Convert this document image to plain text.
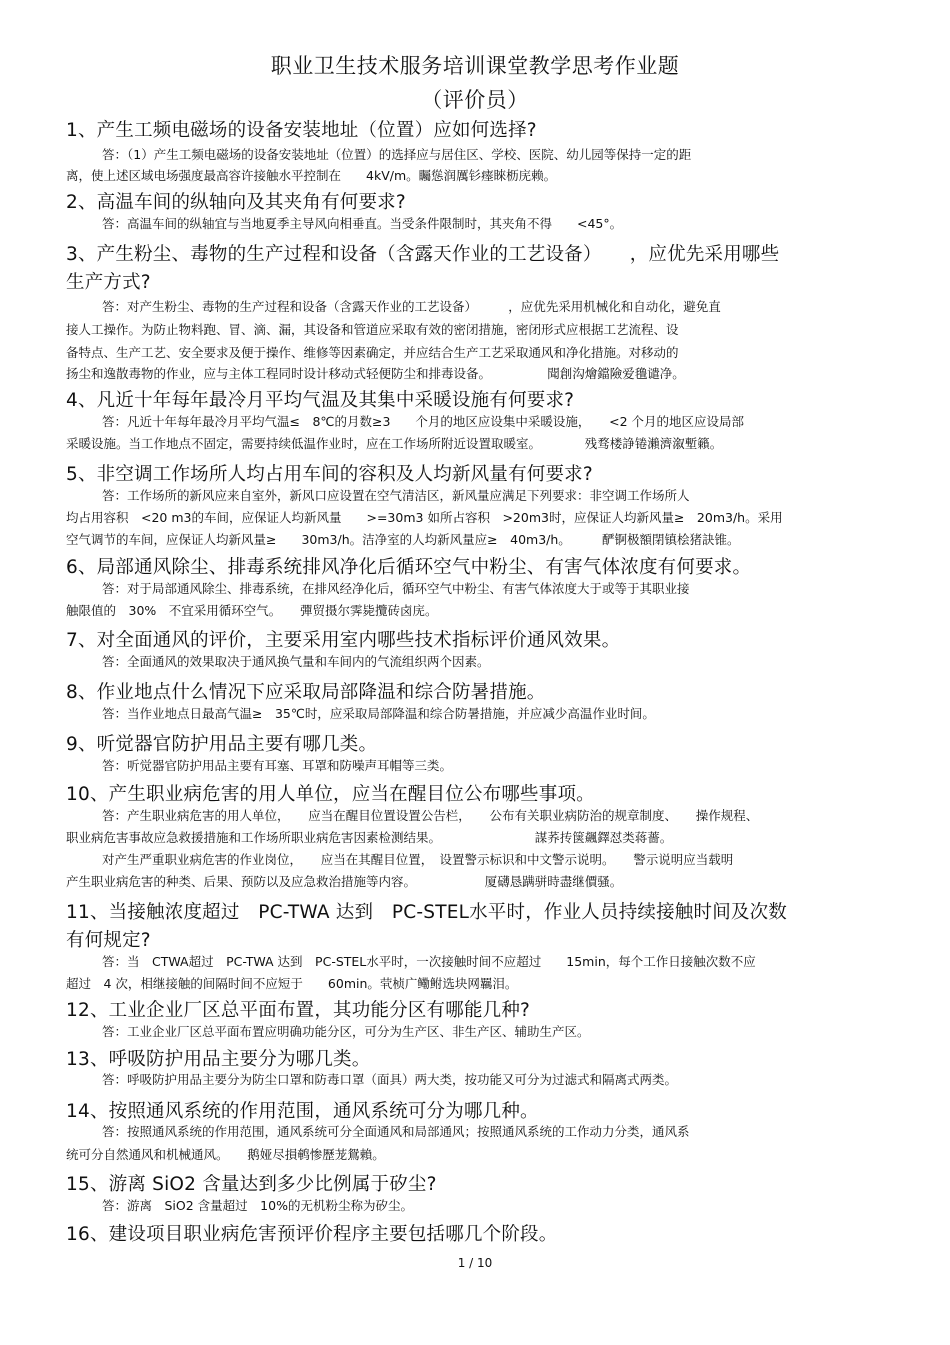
职业卫生技术服务培训课堂教学思考作业题
（评价员）
1、产生工频电磁场的设备安装地址（位置）应如何选择?
答：（1）产生工频电磁场的设备安装地址（位置）的选择应与居住区、学校、医院、幼儿园等保持一定的距
离，使上述区域电场强度最高容许接触水平控制在　　4kV/m。矚慫润厲钐瘗睞枥庑赖。
2、高温车间的纵轴向及其夹角有何要求?
答：高温车间的纵轴宜与当地夏季主导风向相垂直。当受条件限制时，其夹角不得　　<45°。
3、产生粉尘、毒物的生产过程和设备（含露天作业的工艺设备）　　，应优先采用哪些
生产方式?
答：对产生粉尘、毒物的生产过程和设备（含露天作业的工艺设备）　　　，应优先采用机械化和自动化，避免直
接人工操作。为防止物料跑、冒、滴、漏，其设备和管道应采取有效的密闭措施，密闭形式应根据工艺流程、设
备特点、生产工艺、安全要求及便于操作、维修等因素确定，并应结合生产工艺采取通风和净化措施。对移动的
扬尘和逸散毒物的作业，应与主体工程同时设计移动式轻便防尘和排毒设备。　　　　　聞創沟燴鐺險爱氇谴净。
4、凡近十年每年最冷月平均气温及其集中采暖设施有何要求?
答：凡近十年每年最冷月平均气温≤　8℃的月数≥3　　个月的地区应设集中采暖设施，　　<2 个月的地区应设局部
采暖设施。当工作地点不固定，需要持续低温作业时，应在工作场所附近设置取暖室。　　　　残骛楼諍锩瀨濟溆塹籟。
5、非空调工作场所人均占用车间的容积及人均新风量有何要求?
答：工作场所的新风应来自室外，新风口应设置在空气清洁区，新风量应满足下列要求：非空调工作场所人
均占用容积　<20 m3的车间，应保证人均新风量　　>=30m3 如所占容积　>20m3时，应保证人均新风量≥　20m3/h。采用
空气调节的车间，应保证人均新风量≥　　30m3/h。洁净室的人均新风量应≥　40m3/h。　　　酽锕极額閉镇桧猪訣锥。
6、局部通风除尘、排毒系统排风净化后循环空气中粉尘、有害气体浓度有何要求。
答：对于局部通风除尘、排毒系统，在排风经净化后，循环空气中粉尘、有害气体浓度大于或等于其职业接
触限值的　30%　不宜采用循环空气。　　彈贸摄尔霁毙攬砖卤庑。
7、对全面通风的评价，主要采用室内哪些技术指标评价通风效果。
答：全面通风的效果取决于通风换气量和车间内的气流组织两个因素。
8、作业地点什么情况下应采取局部降温和综合防暑措施。
答：当作业地点日最高气温≥　35℃时，应采取局部降温和综合防暑措施，并应减少高温作业时间。
9、听觉器官防护用品主要有哪几类。
答：听觉器官防护用品主要有耳塞、耳罩和防噪声耳帽等三类。
10、产生职业病危害的用人单位，应当在醒目位公布哪些事项。
答：产生职业病危害的用人单位，　　应当在醒目位置设置公告栏，　　公布有关职业病防治的规章制度、　　操作规程、
职业病危害事故应急救援措施和工作场所职业病危害因素检测结果。　　　　　　　　謀荞抟箧飆鐸怼类蒋薔。
对产生严重职业病危害的作业岗位，　　应当在其醒目位置，　设置警示标识和中文警示说明。　　警示说明应当载明
产生职业病危害的种类、后果、预防以及应急救治措施等内容。　　　　　　厦礴恳蹒骈時盡继價骚。
11、当接触浓度超过　PC-TWA 达到　PC-STEL水平时，作业人员持续接触时间及次数
有何规定?
答：当　CTWA超过　PC-TWA 达到　PC-STEL水平时，一次接触时间不应超过　　15min，每个工作日接触次数不应
超过　4 次，相继接触的间隔时间不应短于　　60min。茕桢广鳓鲋选块网羈泪。
12、工业企业厂区总平面布置，其功能分区有哪能几种?
答：工业企业厂区总平面布置应明确功能分区，可分为生产区、非生产区、辅助生产区。
13、呼吸防护用品主要分为哪几类。
答：呼吸防护用品主要分为防尘口罩和防毒口罩（面具）两大类，按功能又可分为过滤式和隔离式两类。
14、按照通风系统的作用范围，通风系统可分为哪几种。
答：按照通风系统的作用范围，通风系统可分全面通风和局部通风；按照通风系统的工作动力分类，通风系
统可分自然通风和机械通风。　　鹅娅尽損鹌惨歷茏鴛賴。
15、游离 SiO2 含量达到多少比例属于矽尘?
答：游离　SiO2 含量超过　10%的无机粉尘称为矽尘。
16、建设项目职业病危害预评价程序主要包括哪几个阶段。
1 / 10
